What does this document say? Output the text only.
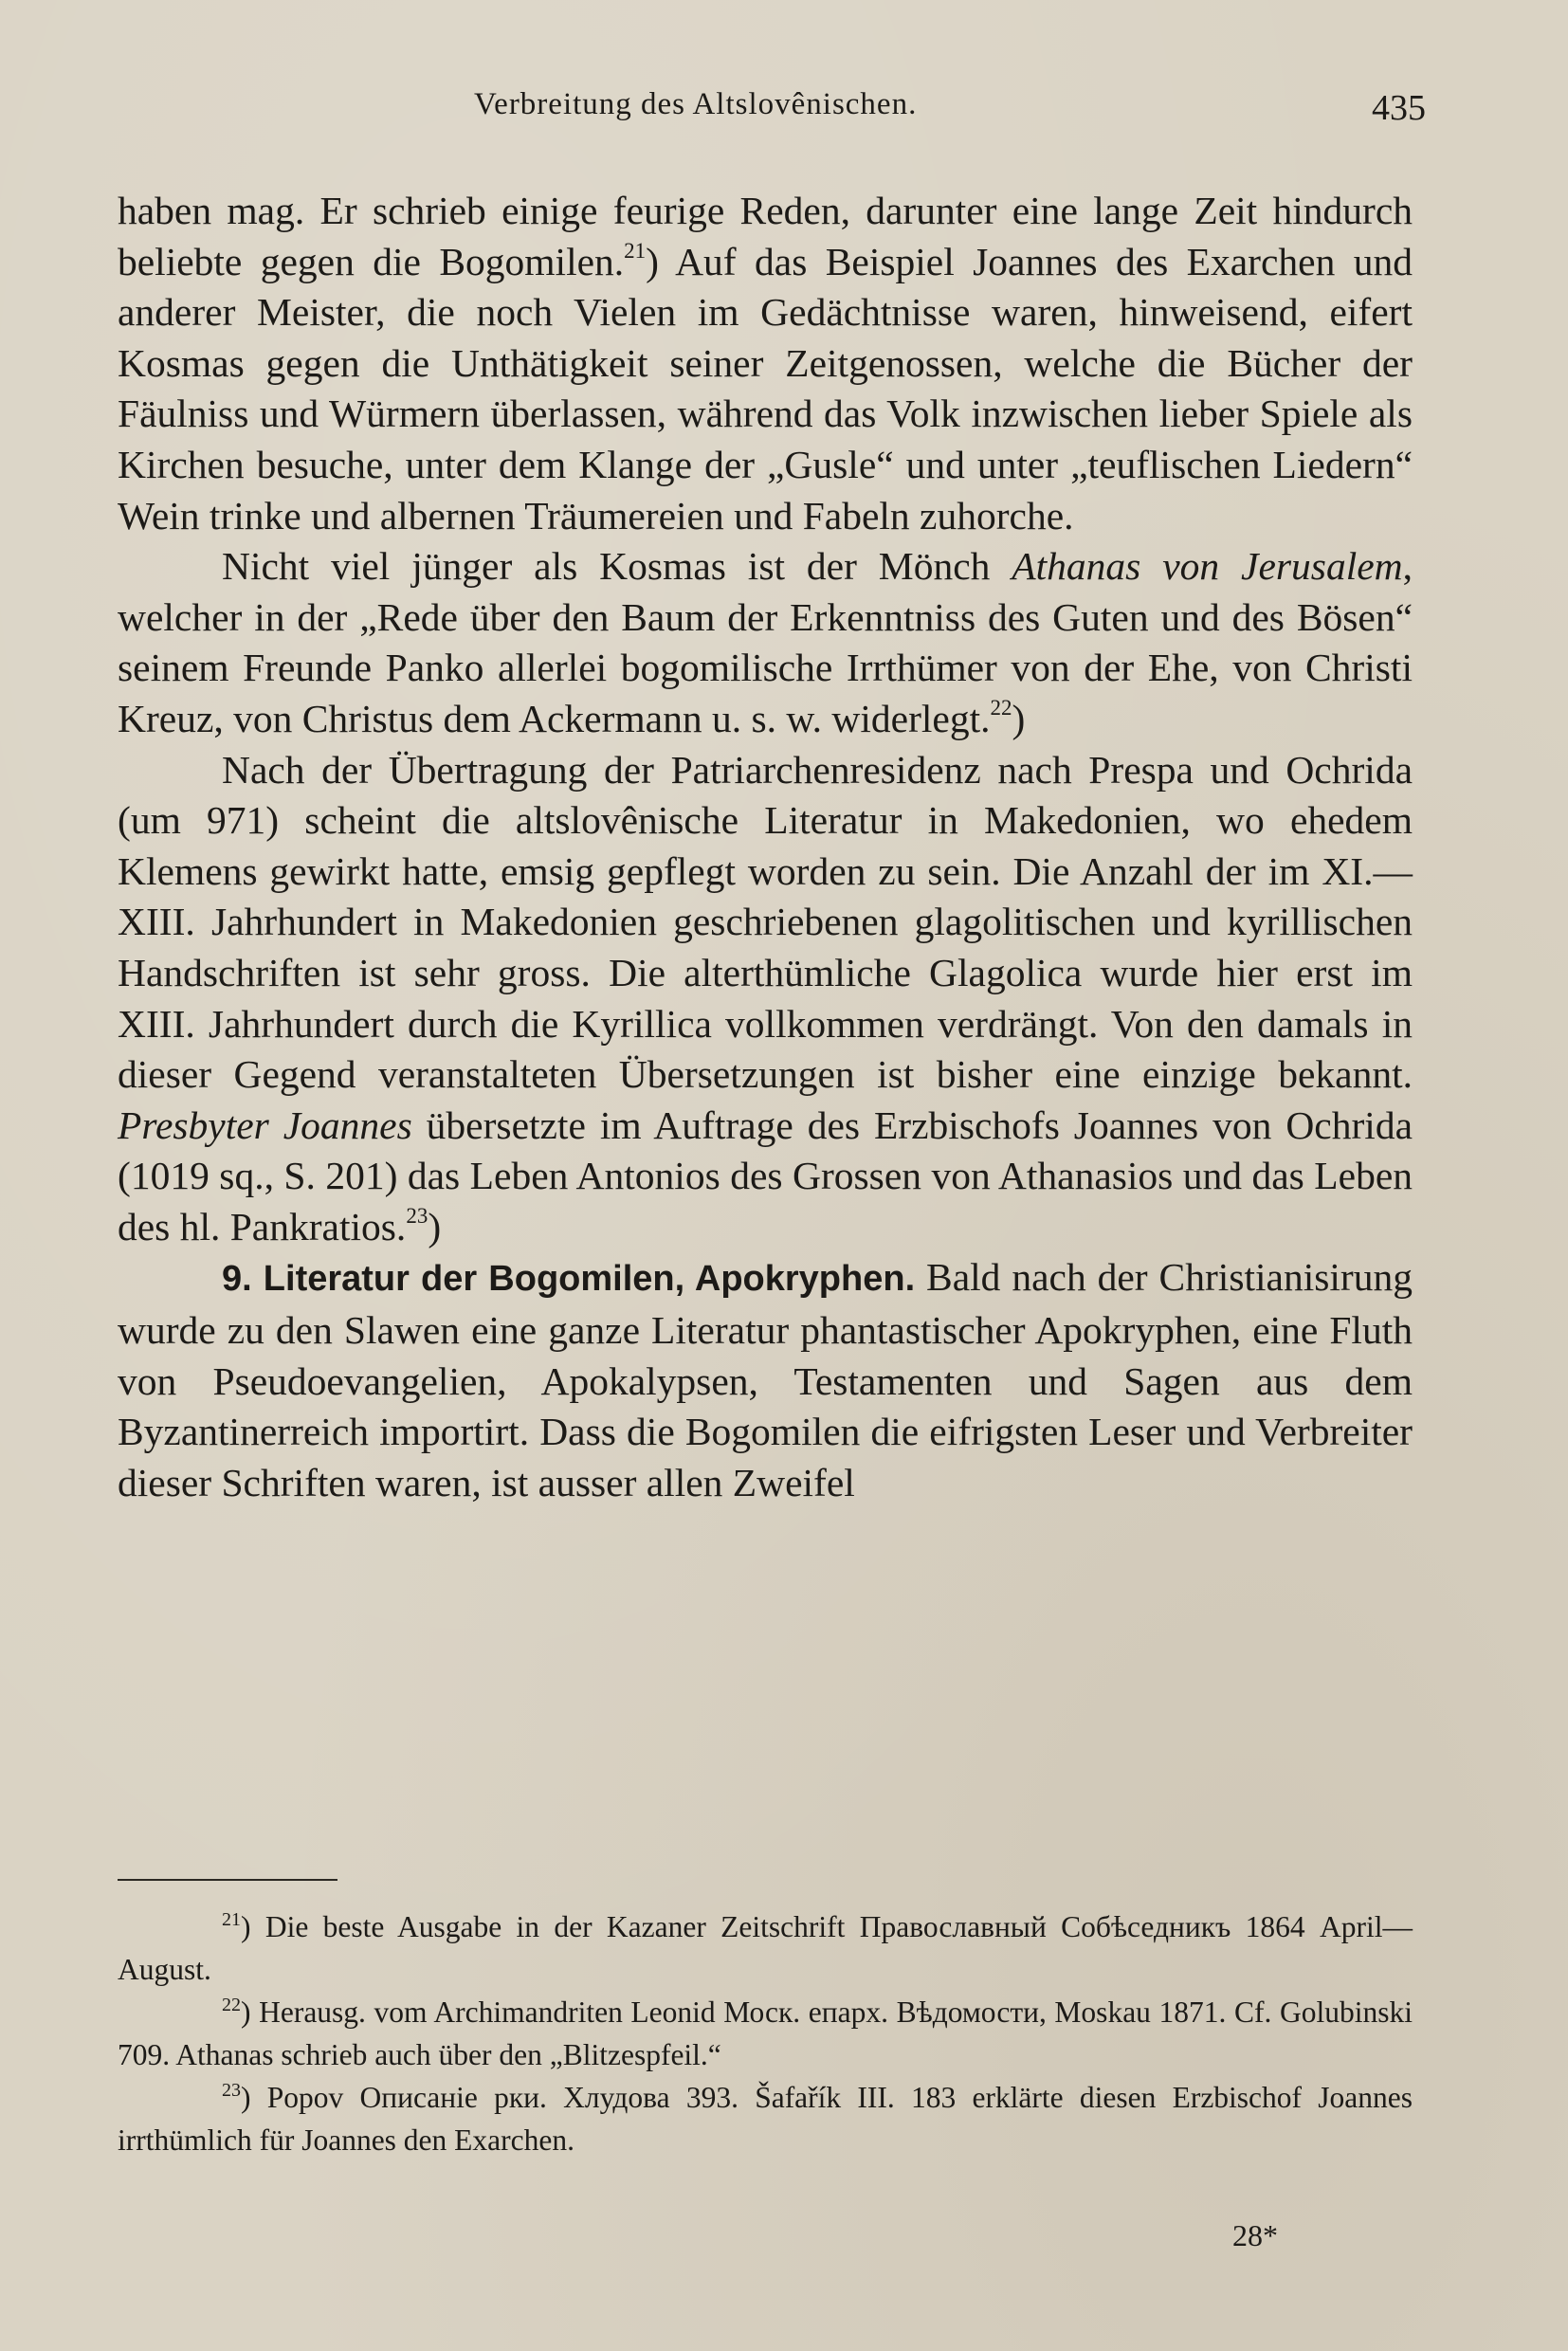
Verbreitung des Altslovênischen.	435

haben mag. Er schrieb einige feurige Reden, darunter eine lange Zeit hindurch beliebte gegen die Bogomilen.$^{21}$) Auf das Beispiel Joannes des Exarchen und anderer Meister, die noch Vielen im Gedächtnisse waren, hinweisend, eifert Kosmas gegen die Unthätigkeit seiner Zeitgenossen, welche die Bücher der Fäulniss und Würmern überlassen, während das Volk inzwischen lieber Spiele als Kirchen besuche, unter dem Klange der „Gusle“ und unter „teuflischen Liedern“ Wein trinke und albernen Träumereien und Fabeln zuhorche.

Nicht viel jünger als Kosmas ist der Mönch Athanas von Jerusalem, welcher in der „Rede über den Baum der Erkenntniss des Guten und des Bösen“ seinem Freunde Panko allerlei bogomilische Irrthümer von der Ehe, von Christi Kreuz, von Christus dem Ackermann u. s. w. widerlegt.$^{22}$)

Nach der Übertragung der Patriarchenresidenz nach Prespa und Ochrida (um 971) scheint die altslovênische Literatur in Makedonien, wo ehedem Klemens gewirkt hatte, emsig gepflegt worden zu sein. Die Anzahl der im XI.—XIII. Jahrhundert in Makedonien geschriebenen glagolitischen und kyrillischen Handschriften ist sehr gross. Die alterthümliche Glagolica wurde hier erst im XIII. Jahrhundert durch die Kyrillica vollkommen verdrängt. Von den damals in dieser Gegend veranstalteten Übersetzungen ist bisher eine einzige bekannt. Presbyter Joannes übersetzte im Auftrage des Erzbischofs Joannes von Ochrida (1019 sq., S. 201) das Leben Antonios des Grossen von Athanasios und das Leben des hl. Pankratios.$^{23}$)

9. Literatur der Bogomilen, Apokryphen. Bald nach der Christianisirung wurde zu den Slawen eine ganze Literatur phantastischer Apokryphen, eine Fluth von Pseudoevangelien, Apokalypsen, Testamenten und Sagen aus dem Byzantinerreich importirt. Dass die Bogomilen die eifrigsten Leser und Verbreiter dieser Schriften waren, ist ausser allen Zweifel

$^{21}$) Die beste Ausgabe in der Kazaner Zeitschrift Православный Собѣседникъ 1864 April—August.

$^{22}$) Herausg. vom Archimandriten Leonid Моск. епарх. Вѣдомости, Moskau 1871. Cf. Golubinski 709. Athanas schrieb auch über den „Blitzespfeil.“

$^{23}$) Popov Описаніе рки. Хлудова 393. Šafařík III. 183 erklärte diesen Erzbischof Joannes irrthümlich für Joannes den Exarchen.

28*
